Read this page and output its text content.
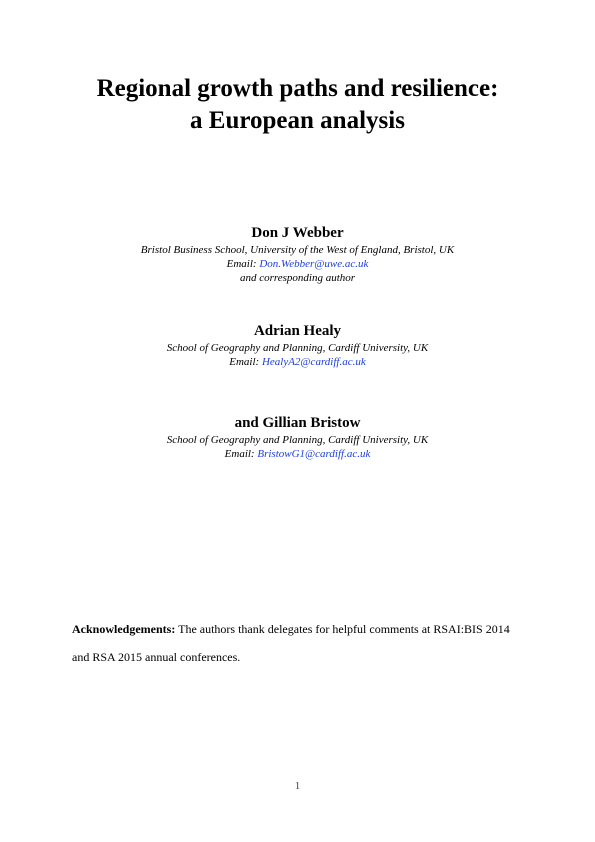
Regional growth paths and resilience:
a European analysis
Don J Webber
Bristol Business School, University of the West of England, Bristol, UK
Email: Don.Webber@uwe.ac.uk
and corresponding author
Adrian Healy
School of Geography and Planning, Cardiff University, UK
Email: HealyA2@cardiff.ac.uk
and Gillian Bristow
School of Geography and Planning, Cardiff University, UK
Email: BristowG1@cardiff.ac.uk
Acknowledgements: The authors thank delegates for helpful comments at RSAI:BIS 2014
and RSA 2015 annual conferences.
1
